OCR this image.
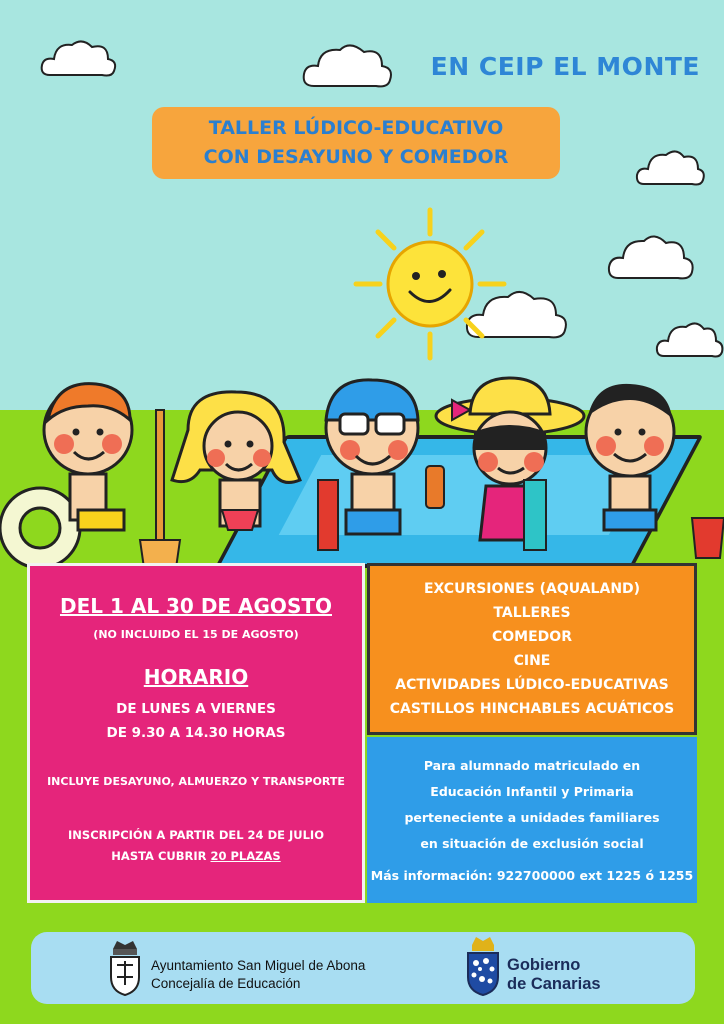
EN CEIP EL MONTE
TALLER LÚDICO-EDUCATIVO
CON DESAYUNO Y COMEDOR
DEL 1 AL 30 DE AGOSTO
(NO INCLUIDO EL 15 DE AGOSTO)
HORARIO
DE LUNES A VIERNES
DE 9.30 A 14.30 HORAS
INCLUYE DESAYUNO, ALMUERZO Y TRANSPORTE
INSCRIPCIÓN A PARTIR DEL 24 DE JULIO
HASTA CUBRIR 20 PLAZAS
EXCURSIONES (AQUALAND)
TALLERES
COMEDOR
CINE
ACTIVIDADES LÚDICO-EDUCATIVAS
CASTILLOS HINCHABLES ACUÁTICOS
Para alumnado matriculado en
Educación Infantil y Primaria
perteneciente a unidades familiares
en situación de exclusión social
Más información: 922700000 ext 1225 ó 1255
Ayuntamiento San Miguel de Abona
Concejalía de Educación
Gobierno
de Canarias
